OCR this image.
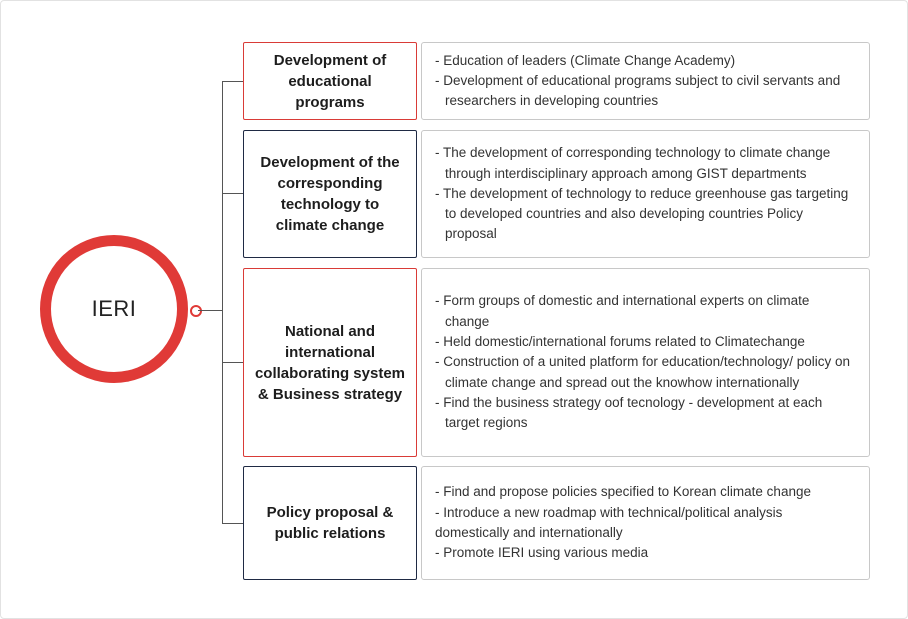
IERI
Development of educational programs
- Education of leaders (Climate Change Academy)
- Development of educational programs subject to civil servants and researchers in developing countries
Development of the corresponding technology to climate change
- The development of corresponding technology to climate change through interdisciplinary approach among GIST departments
- The development of technology to reduce greenhouse gas targeting to developed countries and also developing countries Policy proposal
National and international collaborating system & Business strategy
- Form groups of domestic and international experts on climate change
- Held domestic/international forums related to Climatechange
- Construction of a united platform for education/technology/ policy on climate change and spread out the knowhow internationally
- Find the business strategy oof tecnology - development at each target regions
Policy proposal & public relations
- Find and propose policies specified to Korean climate change
- Introduce a new roadmap with technical/political analysis domestically and internationally
- Promote IERI using various media
